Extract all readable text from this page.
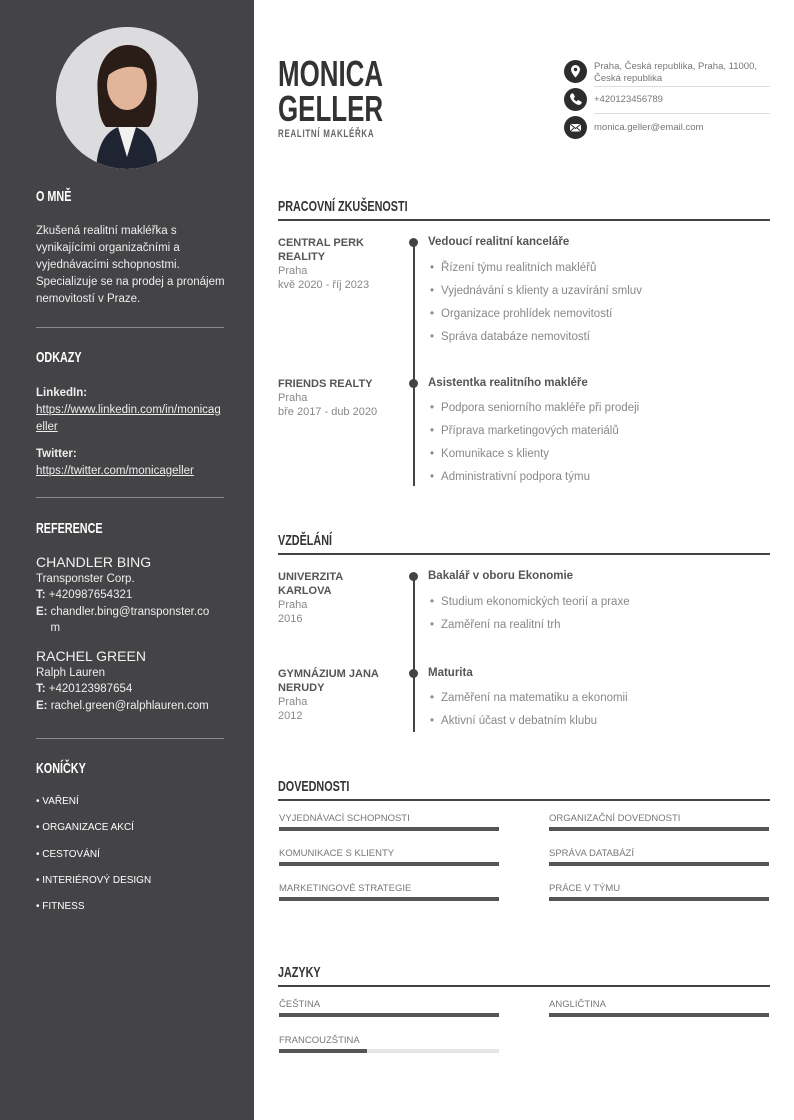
O MNĚ
Zkušená realitní makléřka s vynikajícími organizačními a vyjednávacími schopnostmi. Specializuje se na prodej a pronájem nemovitostí v Praze.
ODKAZY
LinkedIn:
https://www.linkedin.com/in/monicageller
Twitter:
https://twitter.com/monicageller
REFERENCE
CHANDLER BING
Transponster Corp.
T: +420987654321
E: chandler.bing@transponster.com
RACHEL GREEN
Ralph Lauren
T: +420123987654
E: rachel.green@ralphlauren.com
KONÍČKY
• VAŘENÍ
• ORGANIZACE AKCÍ
• CESTOVÁNÍ
• INTERIÉROVÝ DESIGN
• FITNESS
MONICA
GELLER
REALITNÍ MAKLÉŘKA
Praha, Česká republika, Praha, 11000, Česká republika
+420123456789
monica.geller@email.com
PRACOVNÍ ZKUŠENOSTI
CENTRAL PERK REALITY
Praha
kvě 2020 - říj 2023
Vedoucí realitní kanceláře
• Řízení týmu realitních makléřů
• Vyjednávání s klienty a uzavírání smluv
• Organizace prohlídek nemovitostí
• Správa databáze nemovitostí
FRIENDS REALTY
Praha
bře 2017 - dub 2020
Asistentka realitního makléře
• Podpora seniorního makléře při prodeji
• Příprava marketingových materiálů
• Komunikace s klienty
• Administrativní podpora týmu
VZDĚLÁNÍ
UNIVERZITA KARLOVA
Praha
2016
Bakalář v oboru Ekonomie
• Studium ekonomických teorií a praxe
• Zaměření na realitní trh
GYMNÁZIUM JANA NERUDY
Praha
2012
Maturita
• Zaměření na matematiku a ekonomii
• Aktivní účast v debatním klubu
DOVEDNOSTI
VYJEDNÁVACÍ SCHOPNOSTI	ORGANIZAČNÍ DOVEDNOSTI
KOMUNIKACE S KLIENTY	SPRÁVA DATABÁZÍ
MARKETINGOVÉ STRATEGIE	PRÁCE V TÝMU
JAZYKY
ČEŠTINA	ANGLIČTINA
FRANCOUZŠTINA
